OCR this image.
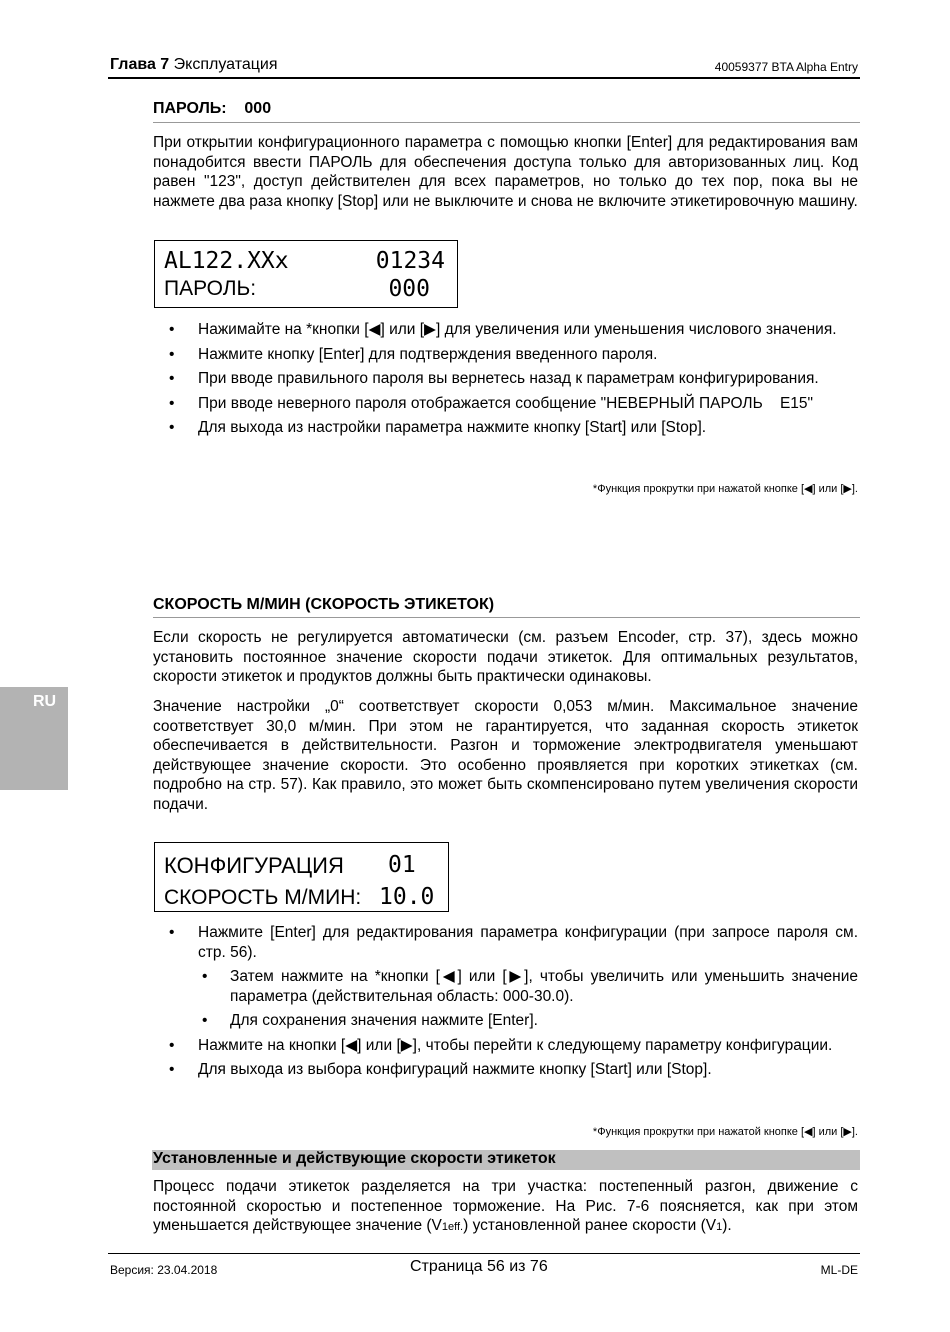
Глава 7 Эксплуатация	40059377 BTA Alpha Entry
RU
ПАРОЛЬ:    000
При открытии конфигурационного параметра с помощью кнопки [Enter] для редактирования вам понадобится ввести ПАРОЛЬ для обеспечения доступа только для авторизованных лиц. Код равен "123", доступ действителен для всех параметров, но только до тех пор, пока вы не нажмете два раза кнопку [Stop] или не выключите и снова не включите этикетировочную машину.
AL122.XXx	01234
ПАРОЛЬ:	000
• Нажимайте на *кнопки [◀] или [▶] для увеличения или уменьшения числового значения.
• Нажмите кнопку [Enter] для подтверждения введенного пароля.
• При вводе правильного пароля вы вернетесь назад к параметрам конфигурирования.
• При вводе неверного пароля отображается сообщение "НЕВЕРНЫЙ ПАРОЛЬ    E15"
• Для выхода из настройки параметра нажмите кнопку [Start] или [Stop].
*Функция прокрутки при нажатой кнопке [◀] или [▶].
СКОРОСТЬ М/МИН (СКОРОСТЬ ЭТИКЕТОК)
Если скорость не регулируется автоматически (см. разъем Encoder, стр. 37), здесь можно установить постоянное значение скорости подачи этикеток. Для оптимальных результатов, скорости этикеток и продуктов должны быть практически одинаковы.
Значение настройки „0“ соответствует скорости 0,053 м/мин. Максимальное значение соответствует 30,0 м/мин. При этом не гарантируется, что заданная скорость этикеток обеспечивается в действительности. Разгон и торможение электродвигателя уменьшают действующее значение скорости. Это особенно проявляется при коротких этикетках (см. подробно на стр. 57). Как правило, это может быть скомпенсировано путем увеличения скорости подачи.
КОНФИГУРАЦИЯ 01
СКОРОСТЬ М/МИН: 10.0
• Нажмите [Enter] для редактирования параметра конфигурации (при запросе пароля см. стр. 56).
• Затем нажмите на *кнопки [◀] или [▶], чтобы увеличить или уменьшить значение параметра (действительная область: 000-30.0).
• Для сохранения значения нажмите [Enter].
• Нажмите на кнопки [◀] или [▶], чтобы перейти к следующему параметру конфигурации.
• Для выхода из выбора конфигураций нажмите кнопку [Start] или [Stop].
*Функция прокрутки при нажатой кнопке [◀] или [▶].
Установленные и действующие скорости этикеток
Процесс подачи этикеток разделяется на три участка: постепенный разгон, движение с постоянной скоростью и постепенное торможение. На Рис. 7-6 поясняется, как при этом уменьшается действующее значение (V1eff.) установленной ранее скорости (V1).
Версия: 23.04.2018	Страница 56 из 76	ML-DE
